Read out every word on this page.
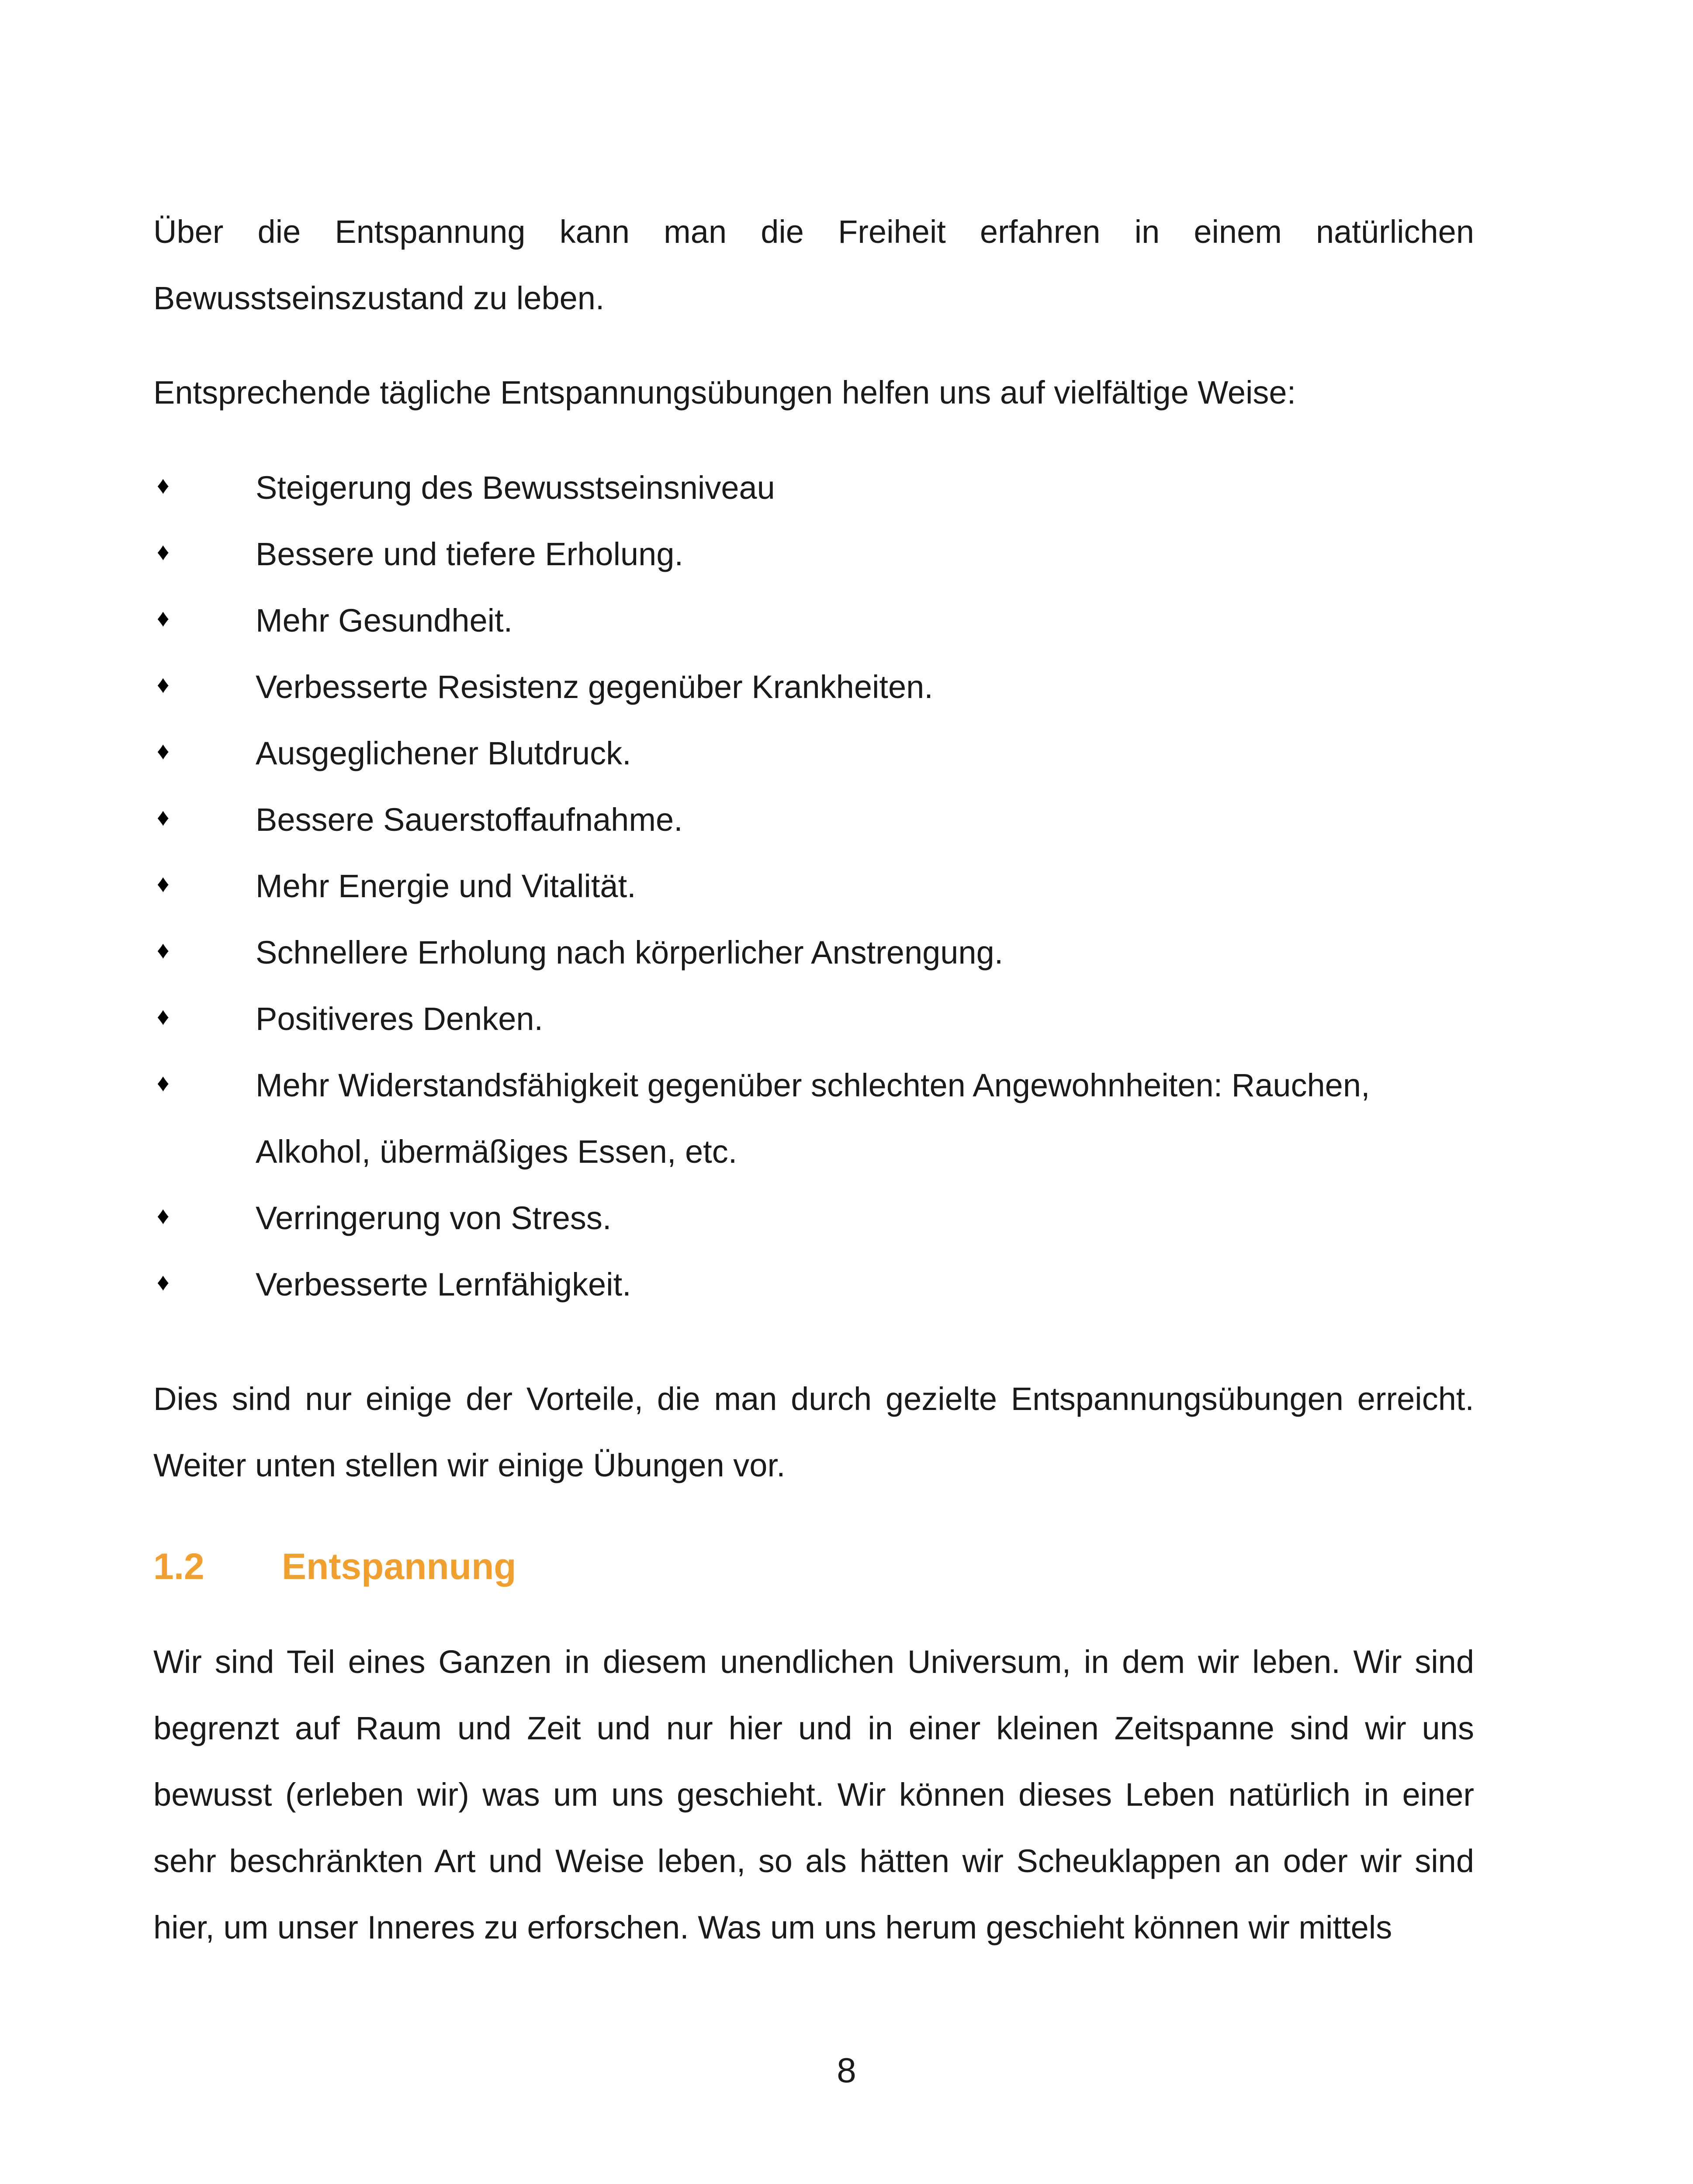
Über die Entspannung kann man die Freiheit erfahren in einem natürlichen

Bewusstseinszustand zu leben.

Entsprechende tägliche Entspannungsübungen helfen uns auf vielfältige Weise:

♦	Steigerung des Bewusstseinsniveau
♦	Bessere und tiefere Erholung.
♦	Mehr Gesundheit.
♦	Verbesserte Resistenz gegenüber Krankheiten.
♦	Ausgeglichener Blutdruck.
♦	Bessere Sauerstoffaufnahme.
♦	Mehr Energie und Vitalität.
♦	Schnellere Erholung nach körperlicher Anstrengung.
♦	Positiveres Denken.
♦	Mehr Widerstandsfähigkeit gegenüber schlechten Angewohnheiten: Rauchen, Alkohol, übermäßiges Essen, etc.
♦	Verringerung von Stress.
♦	Verbesserte Lernfähigkeit.

Dies sind nur einige der Vorteile, die man durch gezielte Entspannungsübungen erreicht. Weiter unten stellen wir einige Übungen vor.

1.2	Entspannung

Wir sind Teil eines Ganzen in diesem unendlichen Universum, in dem wir leben. Wir sind begrenzt auf Raum und Zeit und nur hier und in einer kleinen Zeitspanne sind wir uns bewusst (erleben wir) was um uns geschieht. Wir können dieses Leben natürlich in einer sehr beschränkten Art und Weise leben, so als hätten wir Scheuklappen an oder wir sind hier, um unser Inneres zu erforschen. Was um uns herum geschieht können wir mittels

8
